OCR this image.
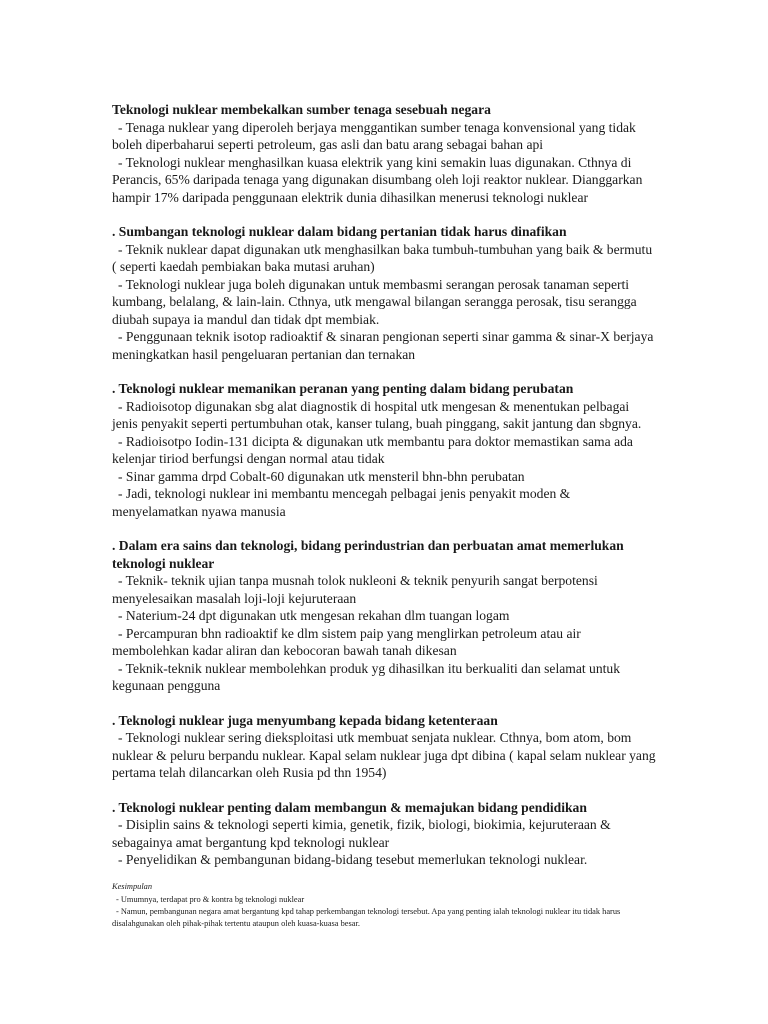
Teknologi nuklear membekalkan sumber tenaga sesebuah negara

- Tenaga nuklear yang diperoleh berjaya menggantikan sumber tenaga konvensional yang tidak boleh diperbaharui seperti petroleum, gas asli dan batu arang sebagai bahan api

- Teknologi nuklear menghasilkan kuasa elektrik yang kini semakin luas digunakan. Cthnya di Perancis, 65% daripada tenaga yang digunakan disumbang oleh loji reaktor nuklear. Dianggarkan hampir 17% daripada penggunaan elektrik dunia dihasilkan menerusi teknologi nuklear

. Sumbangan teknologi nuklear dalam bidang pertanian tidak harus dinafikan

- Teknik nuklear dapat digunakan utk menghasilkan baka tumbuh-tumbuhan yang baik & bermutu ( seperti kaedah pembiakan baka mutasi aruhan)

- Teknologi nuklear juga boleh digunakan untuk membasmi serangan perosak tanaman seperti kumbang, belalang, & lain-lain. Cthnya, utk mengawal bilangan serangga perosak, tisu serangga diubah supaya ia mandul dan tidak dpt membiak.

- Penggunaan teknik isotop radioaktif & sinaran pengionan seperti sinar gamma & sinar-X berjaya meningkatkan hasil pengeluaran pertanian dan ternakan

. Teknologi nuklear memanikan peranan yang penting dalam bidang perubatan

- Radioisotop digunakan sbg alat diagnostik di hospital utk mengesan & menentukan pelbagai jenis penyakit seperti pertumbuhan otak, kanser tulang, buah pinggang, sakit jantung dan sbgnya.

- Radioisotpo Iodin-131 dicipta & digunakan utk membantu para doktor memastikan sama ada kelenjar tiriod berfungsi dengan normal atau tidak

- Sinar gamma drpd Cobalt-60 digunakan utk mensteril bhn-bhn perubatan

- Jadi, teknologi nuklear ini membantu mencegah pelbagai jenis penyakit moden & menyelamatkan nyawa manusia

. Dalam era sains dan teknologi, bidang perindustrian dan perbuatan amat memerlukan teknologi nuklear

- Teknik- teknik ujian tanpa musnah tolok nukleoni & teknik penyurih sangat berpotensi menyelesaikan masalah loji-loji kejuruteraan

- Naterium-24 dpt digunakan utk mengesan rekahan dlm tuangan logam

- Percampuran bhn radioaktif ke dlm sistem paip yang menglirkan petroleum atau air membolehkan kadar aliran dan kebocoran bawah tanah dikesan

- Teknik-teknik nuklear membolehkan produk yg dihasilkan itu berkualiti dan selamat untuk kegunaan pengguna

. Teknologi nuklear juga menyumbang kepada bidang ketenteraan

- Teknologi nuklear sering dieksploitasi utk membuat senjata nuklear. Cthnya, bom atom, bom nuklear & peluru berpandu nuklear. Kapal selam nuklear juga dpt dibina ( kapal selam nuklear yang pertama telah dilancarkan oleh Rusia pd thn 1954)

. Teknologi nuklear penting dalam membangun & memajukan bidang pendidikan

- Disiplin sains & teknologi seperti kimia, genetik, fizik, biologi, biokimia, kejuruteraan & sebagainya amat bergantung kpd teknologi nuklear

- Penyelidikan & pembangunan bidang-bidang tesebut memerlukan teknologi nuklear.

Kesimpulan

- Umumnya, terdapat pro & kontra bg teknologi nuklear

- Namun, pembangunan negara amat bergantung kpd tahap perkembangan teknologi tersebut. Apa yang penting ialah teknologi nuklear itu tidak harus disalahgunakan oleh pihak-pihak tertentu ataupun oleh kuasa-kuasa besar.
